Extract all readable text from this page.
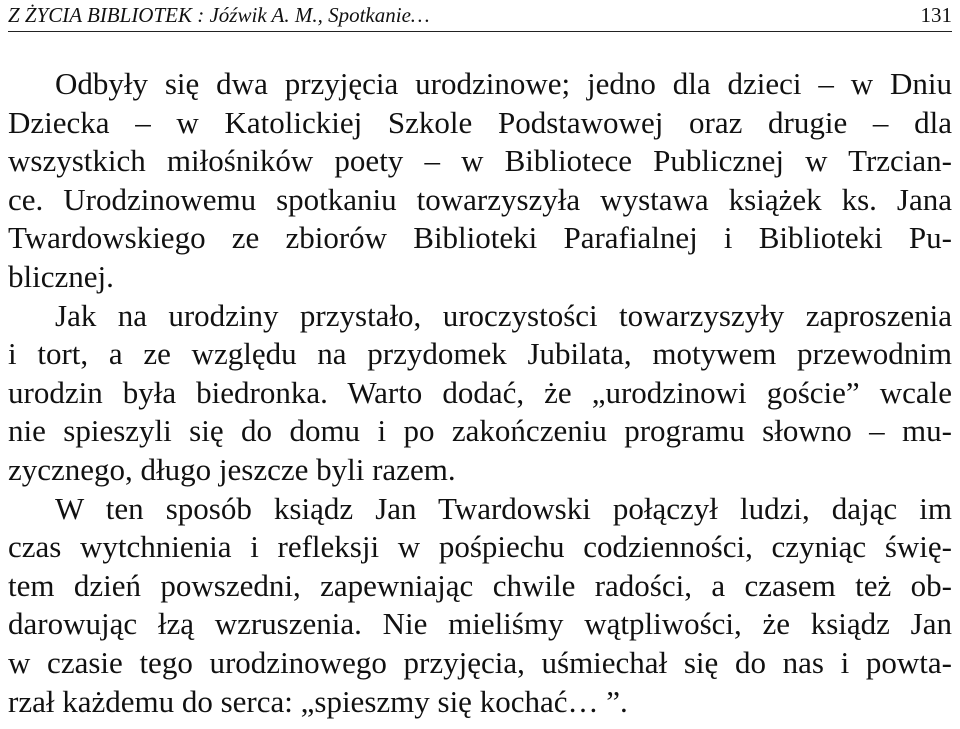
Z ŻYCIA BIBLIOTEK : Jóźwik A. M., Spotkanie…	131

Odbyły się dwa przyjęcia urodzinowe; jedno dla dzieci – w Dniu
Dziecka – w Katolickiej Szkole Podstawowej oraz drugie – dla
wszystkich miłośników poety – w Bibliotece Publicznej w Trzcian-
ce. Urodzinowemu spotkaniu towarzyszyła wystawa książek ks. Jana
Twardowskiego ze zbiorów Biblioteki Parafialnej i Biblioteki Pu-
blicznej.

Jak na urodziny przystało, uroczystości towarzyszyły zaproszenia
i tort, a ze względu na przydomek Jubilata, motywem przewodnim
urodzin była biedronka. Warto dodać, że „urodzinowi goście” wcale
nie spieszyli się do domu i po zakończeniu programu słowno – mu-
zycznego, długo jeszcze byli razem.

W ten sposób ksiądz Jan Twardowski połączył ludzi, dając im
czas wytchnienia i refleksji w pośpiechu codzienności, czyniąc świę-
tem dzień powszedni, zapewniając chwile radości, a czasem też ob-
darowując łzą wzruszenia. Nie mieliśmy wątpliwości, że ksiądz Jan
w czasie tego urodzinowego przyjęcia, uśmiechał się do nas i powta-
rzał każdemu do serca: „spieszmy się kochać… ”.
